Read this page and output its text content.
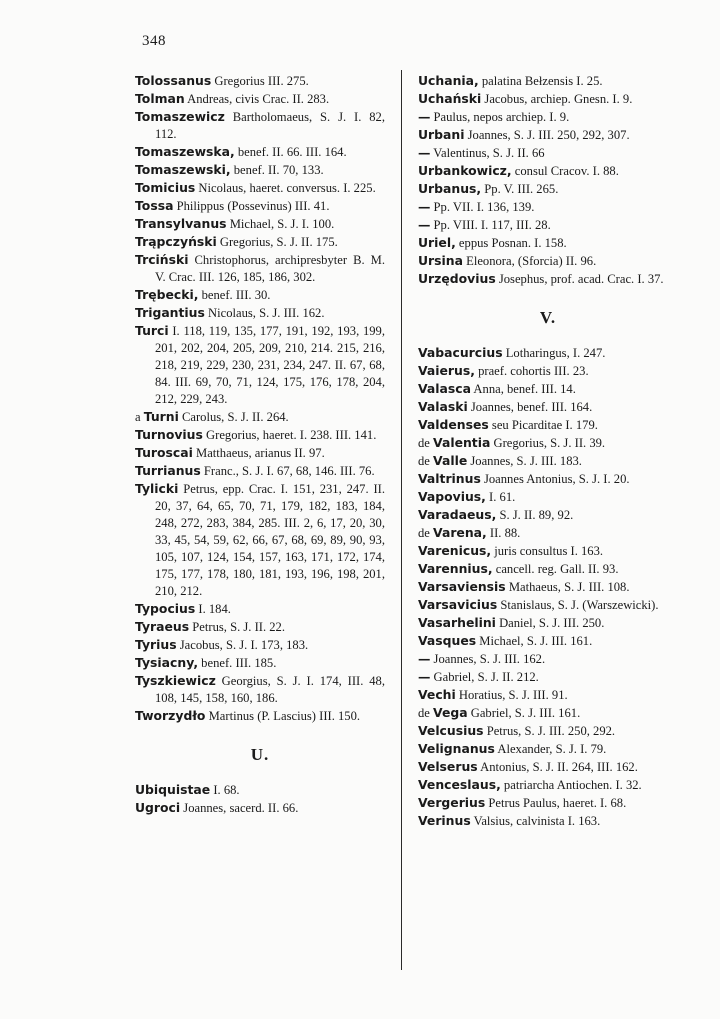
348
Tolossanus Gregorius III. 275.
Tolman Andreas, civis Crac. II. 283.
Tomaszewicz Bartholomaeus, S. J. I. 82, 112.
Tomaszewska, benef. II. 66. III. 164.
Tomaszewski, benef. II. 70, 133.
Tomicius Nicolaus, haeret. conversus. I. 225.
Tossa Philippus (Possevinus) III. 41.
Transylvanus Michael, S. J. I. 100.
Trąpczyński Gregorius, S. J. II. 175.
Trciński Christophorus, archipresbyter B. M. V. Crac. III. 126, 185, 186, 302.
Trębecki, benef. III. 30.
Trigantius Nicolaus, S. J. III. 162.
Turci I. 118, 119, 135, 177, 191, 192, 193, 199, 201, 202, 204, 205, 209, 210, 214. 215, 216, 218, 219, 229, 230, 231, 234, 247. II. 67, 68, 84. III. 69, 70, 71, 124, 175, 176, 178, 204, 212, 229, 243.
a Turni Carolus, S. J. II. 264.
Turnovius Gregorius, haeret. I. 238. III. 141.
Turoscai Matthaeus, arianus II. 97.
Turrianus Franc., S. J. I. 67, 68, 146. III. 76.
Tylicki Petrus, epp. Crac. I. 151, 231, 247. II. 20, 37, 64, 65, 70, 71, 179, 182, 183, 184, 248, 272, 283, 384, 285. III. 2, 6, 17, 20, 30, 33, 45, 54, 59, 62, 66, 67, 68, 69, 89, 90, 93, 105, 107, 124, 154, 157, 163, 171, 172, 174, 175, 177, 178, 180, 181, 193, 196, 198, 201, 210, 212.
Typocius I. 184.
Tyraeus Petrus, S. J. II. 22.
Tyrius Jacobus, S. J. I. 173, 183.
Tysiacny, benef. III. 185.
Tyszkiewicz Georgius, S. J. I. 174, III. 48, 108, 145, 158, 160, 186.
Tworzydło Martinus (P. Lascius) III. 150.
U.
Ubiquistae I. 68.
Ugroci Joannes, sacerd. II. 66.
Uchania, palatina Bełzensis I. 25.
Uchański Jacobus, archiep. Gnesn. I. 9.
— Paulus, nepos archiep. I. 9.
Urbani Joannes, S. J. III. 250, 292, 307.
— Valentinus, S. J. II. 66
Urbankowicz, consul Cracov. I. 88.
Urbanus, Pp. V. III. 265.
— Pp. VII. I. 136, 139.
— Pp. VIII. I. 117, III. 28.
Uriel, eppus Posnan. I. 158.
Ursina Eleonora, (Sforcia) II. 96.
Urzędovius Josephus, prof. acad. Crac. I. 37.
V.
Vabacurcius Lotharingus, I. 247.
Vaierus, praef. cohortis III. 23.
Valasca Anna, benef. III. 14.
Valaski Joannes, benef. III. 164.
Valdenses seu Picarditae I. 179.
de Valentia Gregorius, S. J. II. 39.
de Valle Joannes, S. J. III. 183.
Valtrinus Joannes Antonius, S. J. I. 20.
Vapovius, I. 61.
Varadaeus, S. J. II. 89, 92.
de Varena, II. 88.
Varenicus, juris consultus I. 163.
Varennius, cancell. reg. Gall. II. 93.
Varsaviensis Mathaeus, S. J. III. 108.
Varsavicius Stanislaus, S. J. (Warszewicki).
Vasarhelini Daniel, S. J. III. 250.
Vasques Michael, S. J. III. 161.
— Joannes, S. J. III. 162.
— Gabriel, S. J. II. 212.
Vechi Horatius, S. J. III. 91.
de Vega Gabriel, S. J. III. 161.
Velcusius Petrus, S. J. III. 250, 292.
Velignanus Alexander, S. J. I. 79.
Velserus Antonius, S. J. II. 264, III. 162.
Venceslaus, patriarcha Antiochen. I. 32.
Vergerius Petrus Paulus, haeret. I. 68.
Verinus Valsius, calvinista I. 163.
